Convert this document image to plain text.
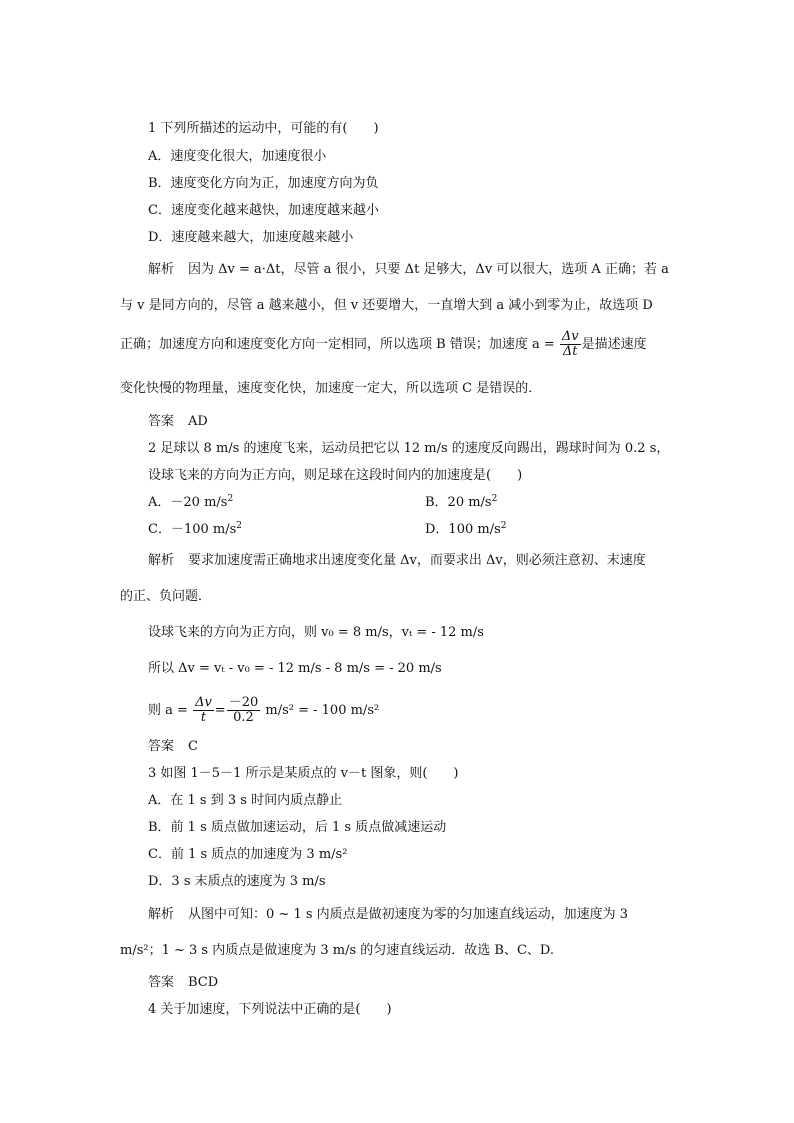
1 下列所描述的运动中，可能的有(　　)
A．速度变化很大，加速度很小
B．速度变化方向为正，加速度方向为负
C．速度变化越来越快，加速度越来越小
D．速度越来越大，加速度越来越小
解析 因为 Δv = a·Δt，尽管 a 很小，只要 Δt 足够大，Δv 可以很大，选项 A 正确；若 a
与 v 是同方向的，尽管 a 越来越小，但 v 还要增大，一直增大到 a 减小到零为止，故选项 D
正确；加速度方向和速度变化方向一定相同，所以选项 B 错误；加速度 $a = \frac{\Delta v}{\Delta t}$ 是描述速度
变化快慢的物理量，速度变化快，加速度一定大，所以选项 C 是错误的．
答案 AD
2 足球以 8 m/s 的速度飞来，运动员把它以 12 m/s 的速度反向踢出，踢球时间为 0.2 s，
设球飞来的方向为正方向，则足球在这段时间内的加速度是(　　)
A．－20 $m/s^2$	B．20 $m/s^2$
C．－100 $m/s^2$	D．100 $m/s^2$
解析 要求加速度需正确地求出速度变化量 Δv，而要求出 Δv，则必须注意初、末速度
的正、负问题．
设球飞来的方向为正方向，则 v₀ = 8 m/s，vₜ = - 12 m/s
所以 Δv = vₜ - v₀ = - 12 m/s - 8 m/s = - 20 m/s
则 $a = \frac{\Delta v}{t} = \frac{-20}{0.2} m/s^2$ = - 100 m/s²
答案 C
3 如图 1－5－1 所示是某质点的 v－t 图象，则(　　)
A．在 1 s 到 3 s 时间内质点静止
B．前 1 s 质点做加速运动，后 1 s 质点做减速运动
C．前 1 s 质点的加速度为 3 m/s²
D．3 s 末质点的速度为 3 m/s
解析 从图中可知：0 ~ 1 s 内质点是做初速度为零的匀加速直线运动，加速度为 3
m/s²；1 ~ 3 s 内质点是做速度为 3 m/s 的匀速直线运动．故选 B、C、D.
答案 BCD
4 关于加速度，下列说法中正确的是(　　)
